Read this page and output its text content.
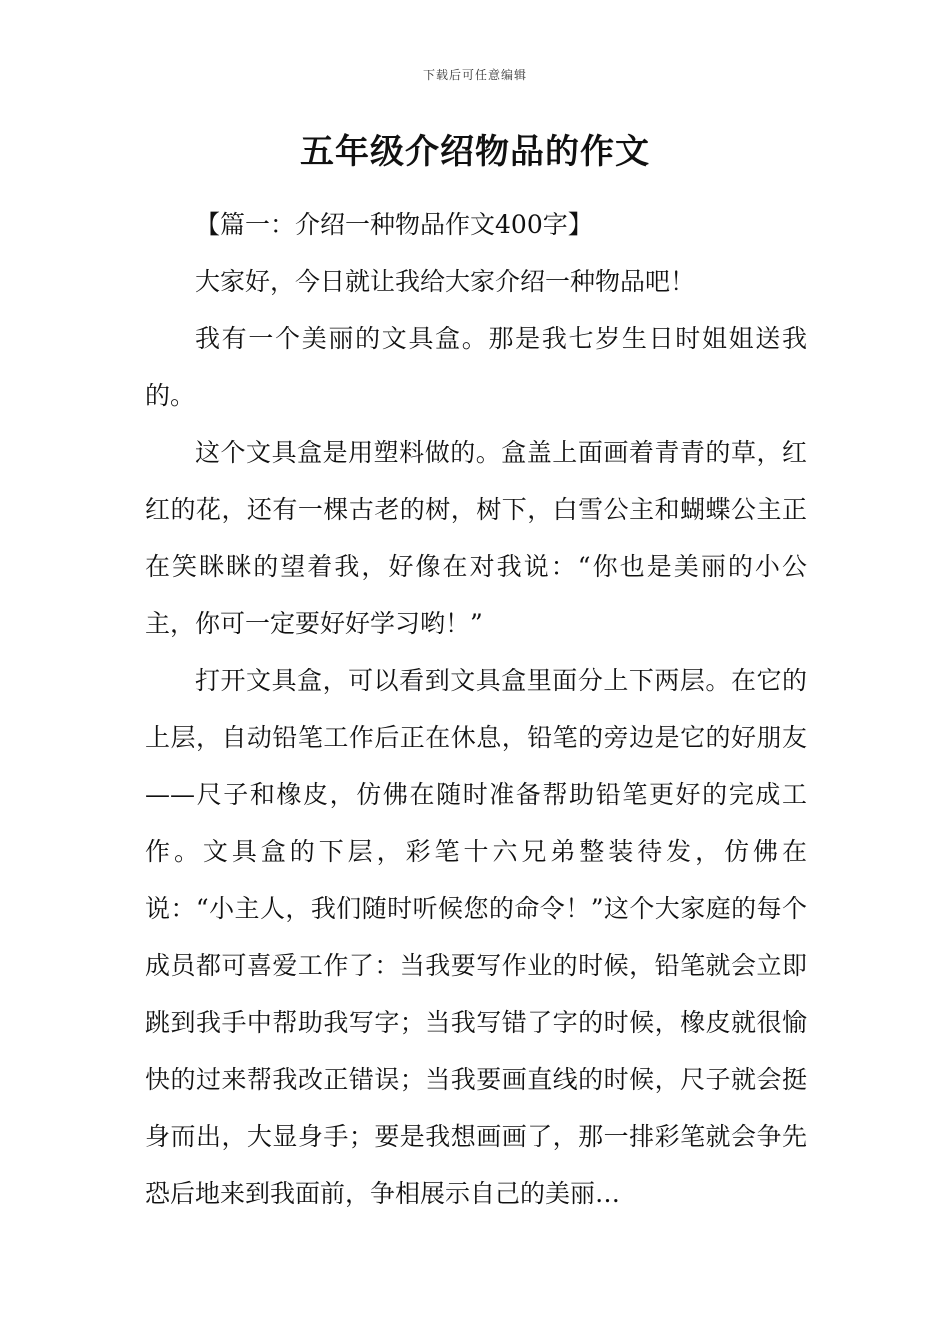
下载后可任意编辑
五年级介绍物品的作文

【篇一：介绍一种物品作文400字】

大家好，今日就让我给大家介绍一种物品吧！

我有一个美丽的文具盒。那是我七岁生日时姐姐送我的。

这个文具盒是用塑料做的。盒盖上面画着青青的草，红红的花，还有一棵古老的树，树下，白雪公主和蝴蝶公主正在笑眯眯的望着我，好像在对我说：“你也是美丽的小公主，你可一定要好好学习哟！”

打开文具盒，可以看到文具盒里面分上下两层。在它的上层，自动铅笔工作后正在休息，铅笔的旁边是它的好朋友——尺子和橡皮，仿佛在随时准备帮助铅笔更好的完成工作。文具盒的下层，彩笔十六兄弟整装待发，仿佛在说：“小主人，我们随时听候您的命令！”这个大家庭的每个成员都可喜爱工作了：当我要写作业的时候，铅笔就会立即跳到我手中帮助我写字；当我写错了字的时候，橡皮就很愉快的过来帮我改正错误；当我要画直线的时候，尺子就会挺身而出，大显身手；要是我想画画了，那一排彩笔就会争先恐后地来到我面前，争相展示自己的美丽…
